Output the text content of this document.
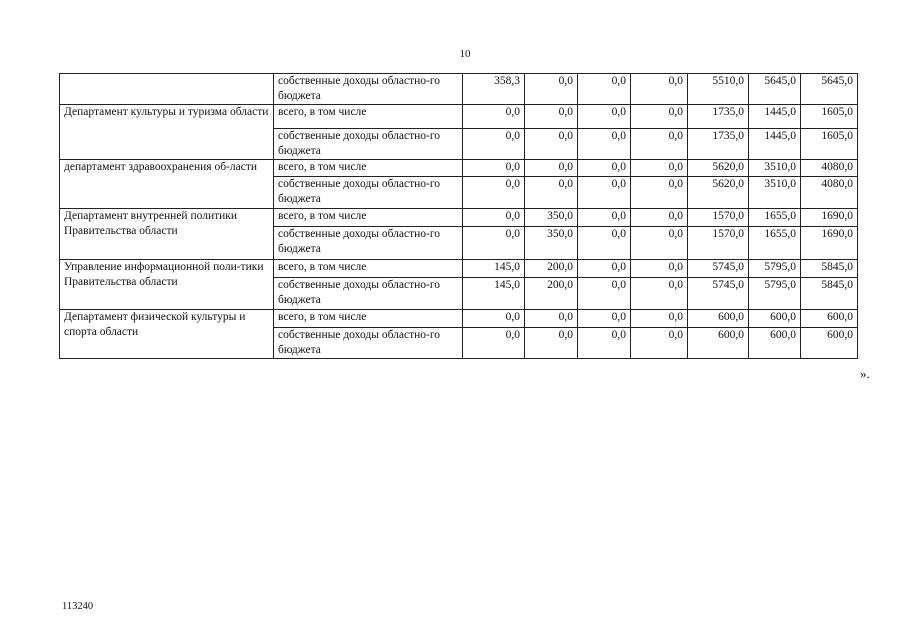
10
	собственные доходы областно-го бюджета	358,3	0,0	0,0	0,0	5510,0	5645,0	5645,0
Департамент культуры и туризма области	всего, в том числе	0,0	0,0	0,0	0,0	1735,0	1445,0	1605,0
	собственные доходы областно-го бюджета	0,0	0,0	0,0	0,0	1735,0	1445,0	1605,0
департамент здравоохранения об-ласти	всего, в том числе	0,0	0,0	0,0	0,0	5620,0	3510,0	4080,0
	собственные доходы областно-го бюджета	0,0	0,0	0,0	0,0	5620,0	3510,0	4080,0
Департамент внутренней политики Правительства области	всего, в том числе	0,0	350,0	0,0	0,0	1570,0	1655,0	1690,0
	собственные доходы областно-го бюджета	0,0	350,0	0,0	0,0	1570,0	1655,0	1690,0
Управление информационной поли-тики Правительства области	всего, в том числе	145,0	200,0	0,0	0,0	5745,0	5795,0	5845,0
	собственные доходы областно-го бюджета	145,0	200,0	0,0	0,0	5745,0	5795,0	5845,0
Департамент физической культуры и спорта области	всего, в том числе	0,0	0,0	0,0	0,0	600,0	600,0	600,0
	собственные доходы областно-го бюджета	0,0	0,0	0,0	0,0	600,0	600,0	600,0
».
113240
